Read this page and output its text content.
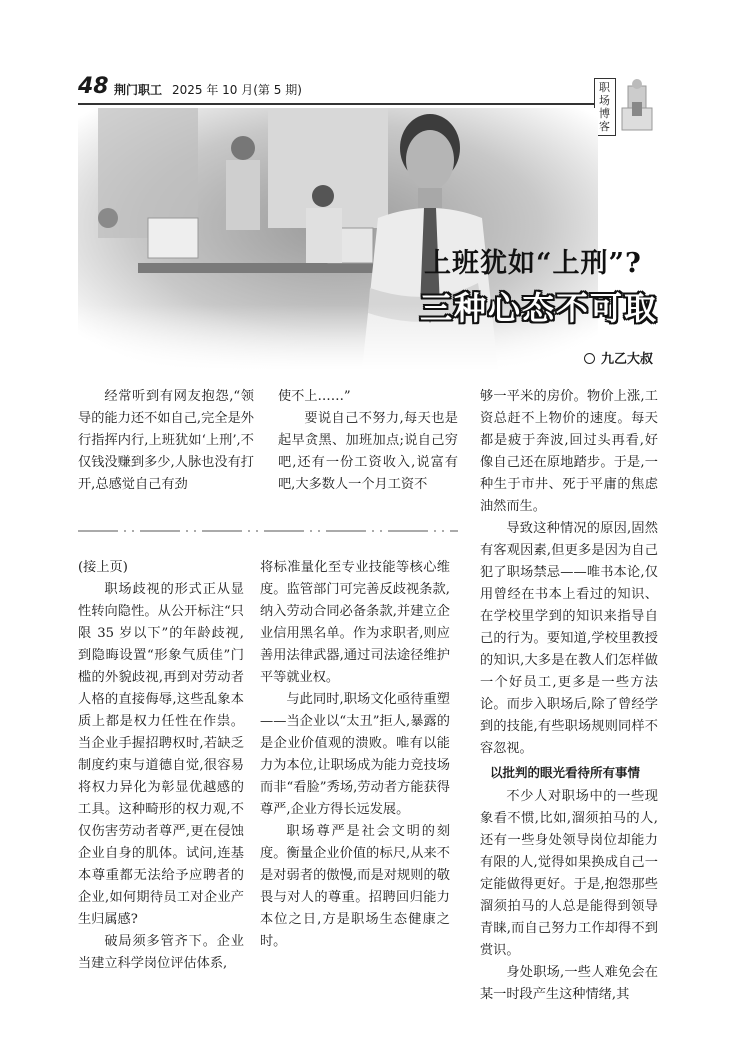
48 荆门职工 2025 年 10 月(第 5 期)	职场博客
上班犹如“上刑”?
三种心态不可取
九乙大叔

经常听到有网友抱怨,“领导的能力还不如自己,完全是外行指挥内行,上班犹如‘上刑’,不仅钱没赚到多少,人脉也没有打开,总感觉自己有劲

使不上……”

要说自己不努力,每天也是起早贪黑、加班加点;说自己穷吧,还有一份工资收入,说富有吧,大多数人一个月工资不

够一平米的房价。物价上涨,工资总赶不上物价的速度。每天都是疲于奔波,回过头再看,好像自己还在原地踏步。于是,一种生于市井、死于平庸的焦虑油然而生。

导致这种情况的原因,固然有客观因素,但更多是因为自己犯了职场禁忌——唯书本论,仅用曾经在书本上看过的知识、在学校里学到的知识来指导自己的行为。要知道,学校里教授的知识,大多是在教人们怎样做一个好员工,更多是一些方法论。而步入职场后,除了曾经学到的技能,有些职场规则同样不容忽视。

以批判的眼光看待所有事情

不少人对职场中的一些现象看不惯,比如,溜须拍马的人,还有一些身处领导岗位却能力有限的人,觉得如果换成自己一定能做得更好。于是,抱怨那些溜须拍马的人总是能得到领导青睐,而自己努力工作却得不到赏识。

身处职场,一些人难免会在某一时段产生这种情绪,其

(接上页)

职场歧视的形式正从显性转向隐性。从公开标注“只限 35 岁以下”的年龄歧视,到隐晦设置“形象气质佳”门槛的外貌歧视,再到对劳动者人格的直接侮辱,这些乱象本质上都是权力任性在作祟。当企业手握招聘权时,若缺乏制度约束与道德自觉,很容易将权力异化为彰显优越感的工具。这种畸形的权力观,不仅伤害劳动者尊严,更在侵蚀企业自身的肌体。试问,连基本尊重都无法给予应聘者的企业,如何期待员工对企业产生归属感?

破局须多管齐下。企业当建立科学岗位评估体系,

将标准量化至专业技能等核心维度。监管部门可完善反歧视条款,纳入劳动合同必备条款,并建立企业信用黑名单。作为求职者,则应善用法律武器,通过司法途径维护平等就业权。

与此同时,职场文化亟待重塑——当企业以“太丑”拒人,暴露的是企业价值观的溃败。唯有以能力为本位,让职场成为能力竞技场而非“看脸”秀场,劳动者方能获得尊严,企业方得长远发展。

职场尊严是社会文明的刻度。衡量企业价值的标尺,从来不是对弱者的傲慢,而是对规则的敬畏与对人的尊重。招聘回归能力本位之日,方是职场生态健康之时。
